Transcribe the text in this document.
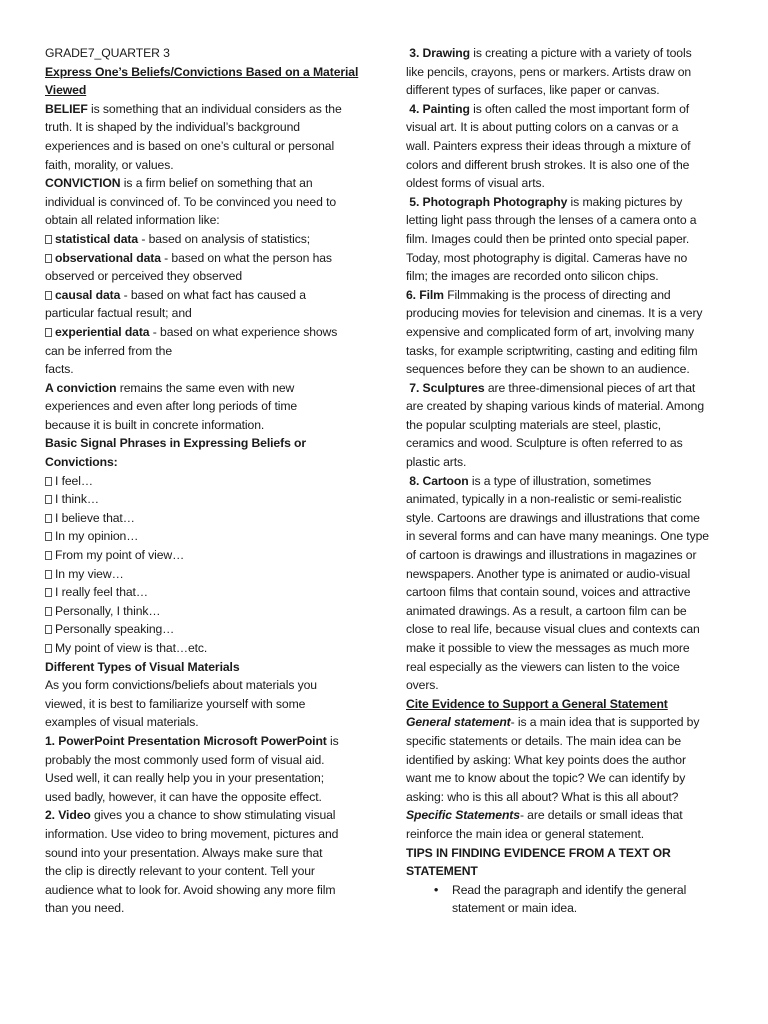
GRADE7_QUARTER 3
Express One’s Beliefs/Convictions Based on a Material
Viewed
BELIEF is something that an individual considers as the
truth. It is shaped by the individual’s background
experiences and is based on one’s cultural or personal
faith, morality, or values.
CONVICTION is a firm belief on something that an
individual is convinced of. To be convinced you need to
obtain all related information like:
statistical data - based on analysis of statistics;
observational data - based on what the person has
observed or perceived they observed
causal data - based on what fact has caused a
particular factual result; and
experiential data - based on what experience shows
can be inferred from the
facts.
A conviction remains the same even with new
experiences and even after long periods of time
because it is built in concrete information.
Basic Signal Phrases in Expressing Beliefs or
Convictions:
I feel…
I think…
I believe that…
In my opinion…
From my point of view…
In my view…
I really feel that…
Personally, I think…
Personally speaking…
My point of view is that…etc.
Different Types of Visual Materials
As you form convictions/beliefs about materials you
viewed, it is best to familiarize yourself with some
examples of visual materials.
1. PowerPoint Presentation Microsoft PowerPoint is
probably the most commonly used form of visual aid.
Used well, it can really help you in your presentation;
used badly, however, it can have the opposite effect.
2. Video gives you a chance to show stimulating visual
information. Use video to bring movement, pictures and
sound into your presentation. Always make sure that
the clip is directly relevant to your content. Tell your
audience what to look for. Avoid showing any more film
than you need.
3. Drawing is creating a picture with a variety of tools
like pencils, crayons, pens or markers. Artists draw on
different types of surfaces, like paper or canvas.
4. Painting is often called the most important form of
visual art. It is about putting colors on a canvas or a
wall. Painters express their ideas through a mixture of
colors and different brush strokes. It is also one of the
oldest forms of visual arts.
5. Photograph Photography is making pictures by
letting light pass through the lenses of a camera onto a
film. Images could then be printed onto special paper.
Today, most photography is digital. Cameras have no
film; the images are recorded onto silicon chips.
6. Film Filmmaking is the process of directing and
producing movies for television and cinemas. It is a very
expensive and complicated form of art, involving many
tasks, for example scriptwriting, casting and editing film
sequences before they can be shown to an audience.
7. Sculptures are three-dimensional pieces of art that
are created by shaping various kinds of material. Among
the popular sculpting materials are steel, plastic,
ceramics and wood. Sculpture is often referred to as
plastic arts.
8. Cartoon is a type of illustration, sometimes
animated, typically in a non-realistic or semi-realistic
style. Cartoons are drawings and illustrations that come
in several forms and can have many meanings. One type
of cartoon is drawings and illustrations in magazines or
newspapers. Another type is animated or audio-visual
cartoon films that contain sound, voices and attractive
animated drawings. As a result, a cartoon film can be
close to real life, because visual clues and contexts can
make it possible to view the messages as much more
real especially as the viewers can listen to the voice
overs.
Cite Evidence to Support a General Statement
General statement- is a main idea that is supported by
specific statements or details. The main idea can be
identified by asking: What key points does the author
want me to know about the topic? We can identify by
asking: who is this all about? What is this all about?
Specific Statements- are details or small ideas that
reinforce the main idea or general statement.
TIPS IN FINDING EVIDENCE FROM A TEXT OR
STATEMENT
•	Read the paragraph and identify the general
statement or main idea.
